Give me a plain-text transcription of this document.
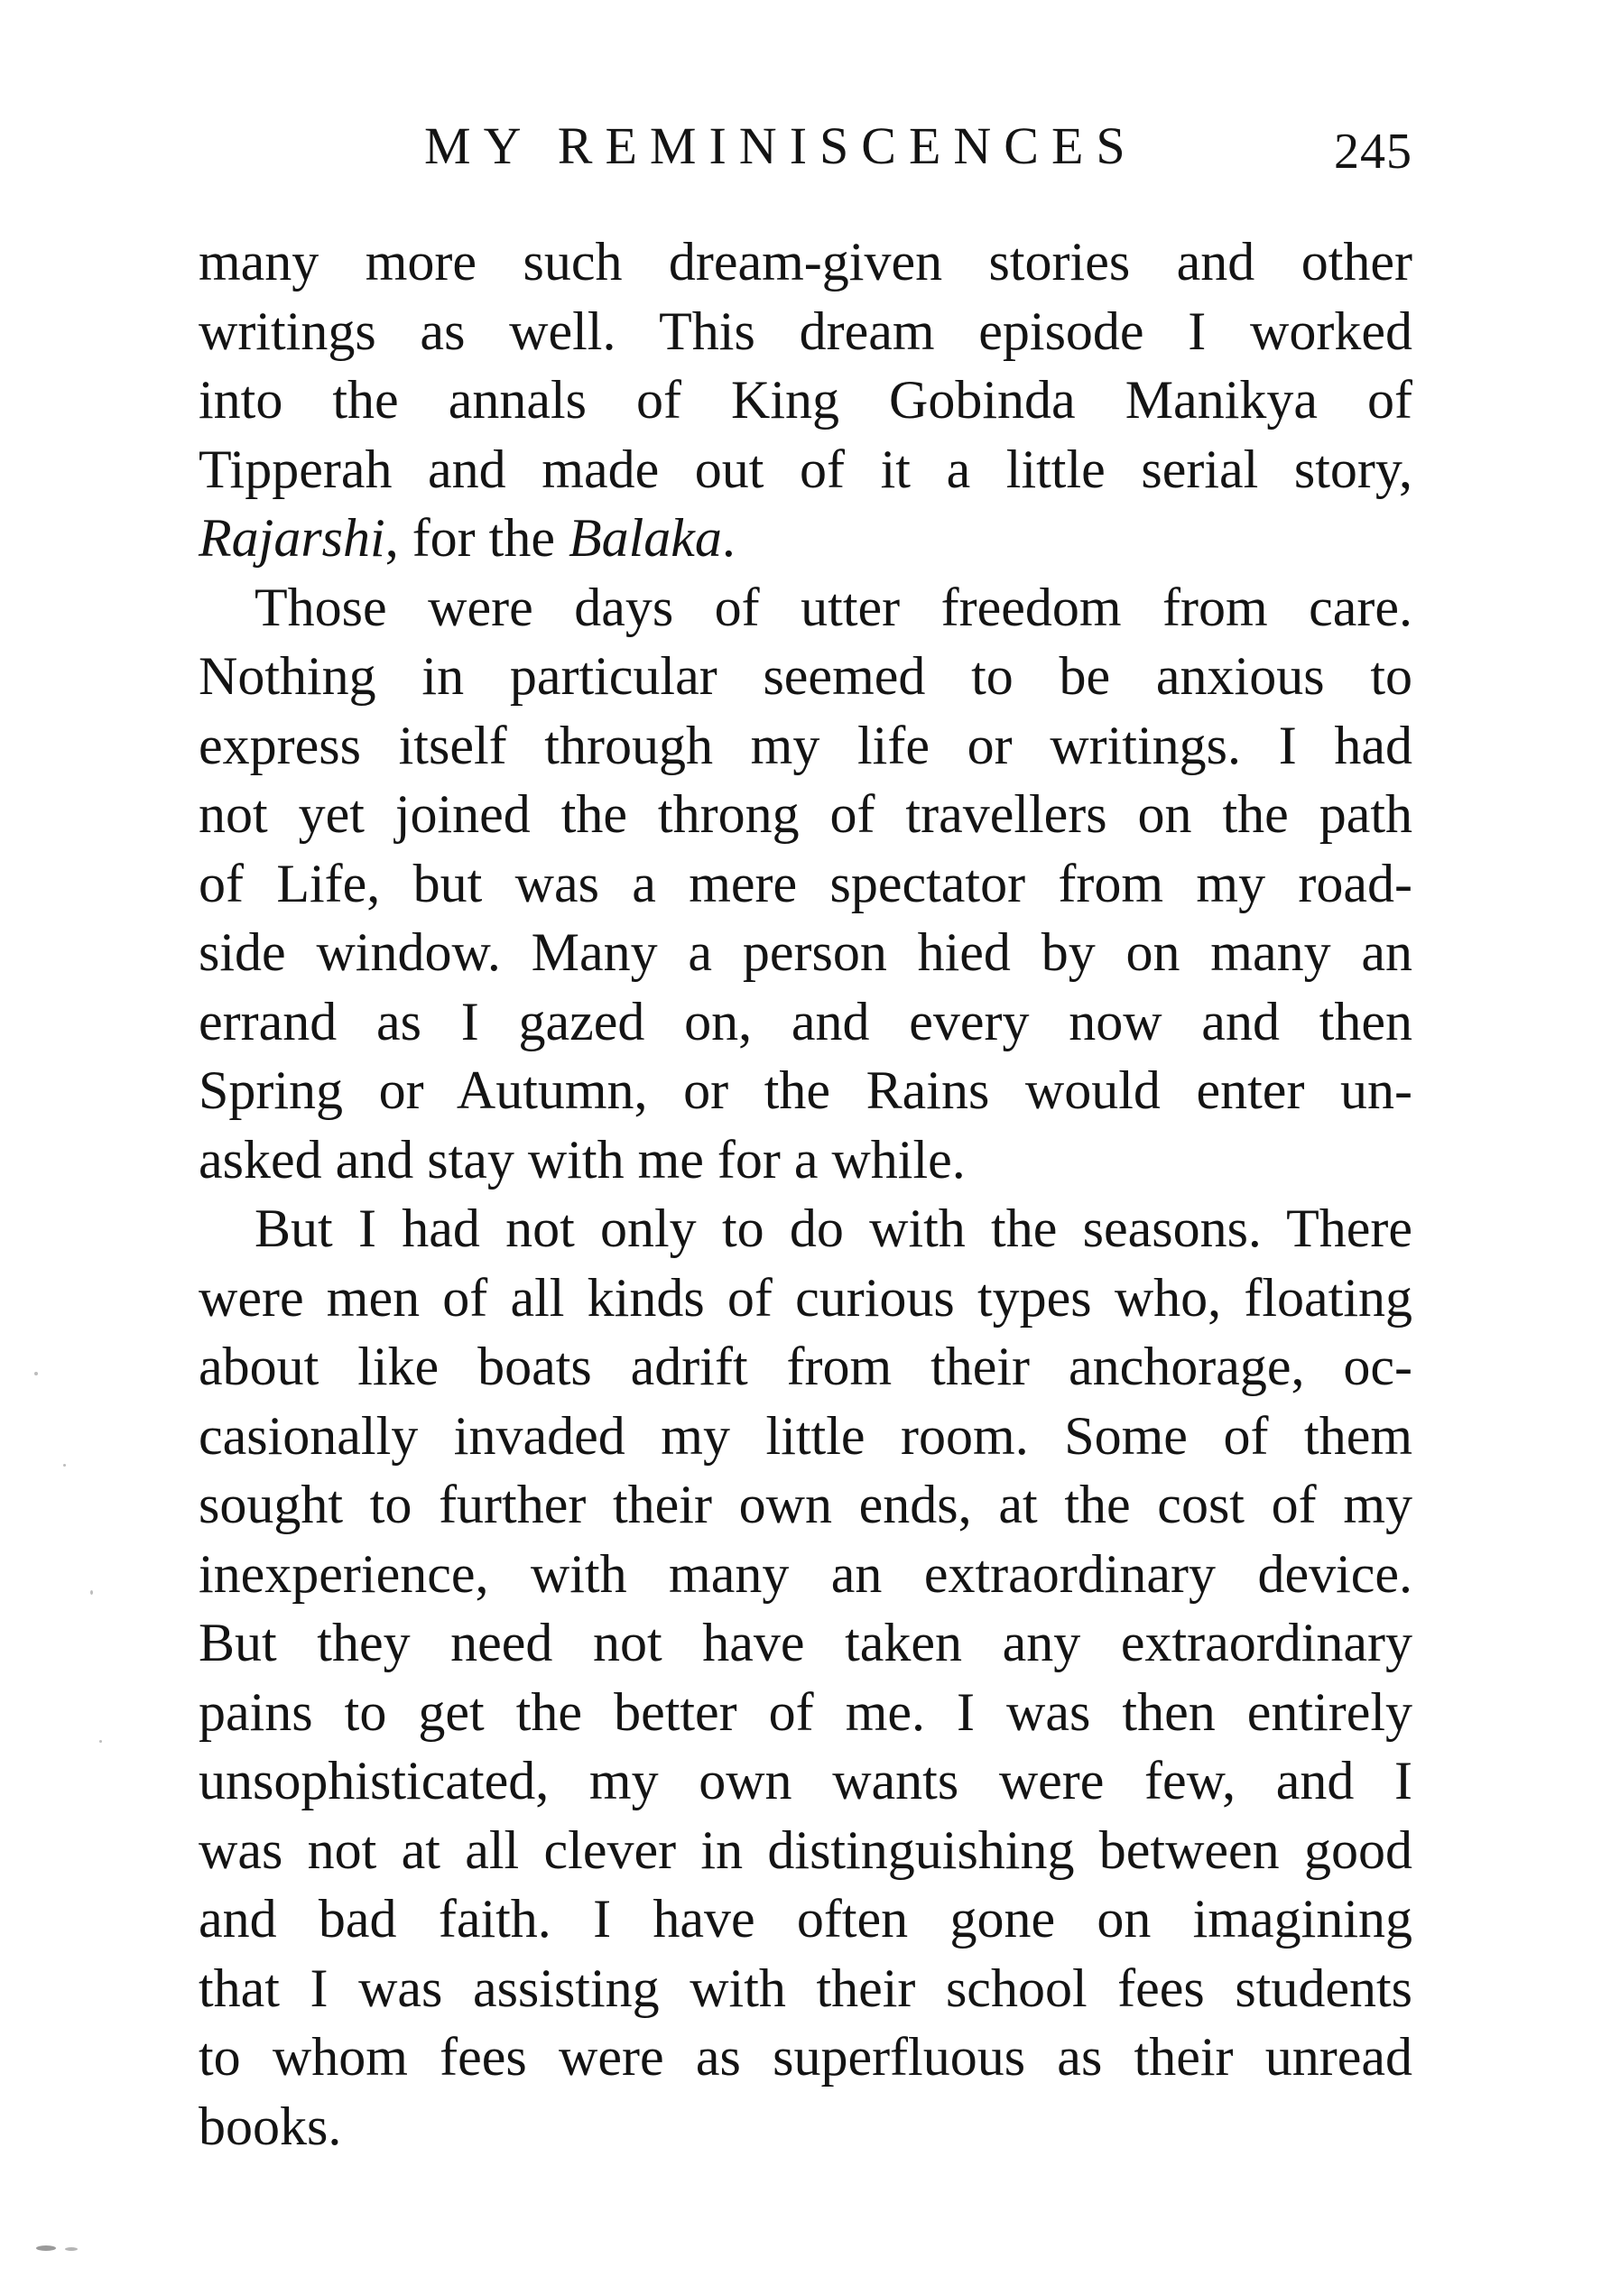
MY REMINISCENCES	245
many more such dream-given stories and other
writings as well. This dream episode I worked
into the annals of King Gobinda Manikya of
Tipperah and made out of it a little serial story,
Rajarshi, for the Balaka.
Those were days of utter freedom from care.
Nothing in particular seemed to be anxious to
express itself through my life or writings. I had
not yet joined the throng of travellers on the path
of Life, but was a mere spectator from my road-
side window. Many a person hied by on many an
errand as I gazed on, and every now and then
Spring or Autumn, or the Rains would enter un-
asked and stay with me for a while.
But I had not only to do with the seasons. There
were men of all kinds of curious types who, floating
about like boats adrift from their anchorage, oc-
casionally invaded my little room. Some of them
sought to further their own ends, at the cost of my
inexperience, with many an extraordinary device.
But they need not have taken any extraordinary
pains to get the better of me. I was then entirely
unsophisticated, my own wants were few, and I
was not at all clever in distinguishing between good
and bad faith. I have often gone on imagining
that I was assisting with their school fees students
to whom fees were as superfluous as their unread
books.
